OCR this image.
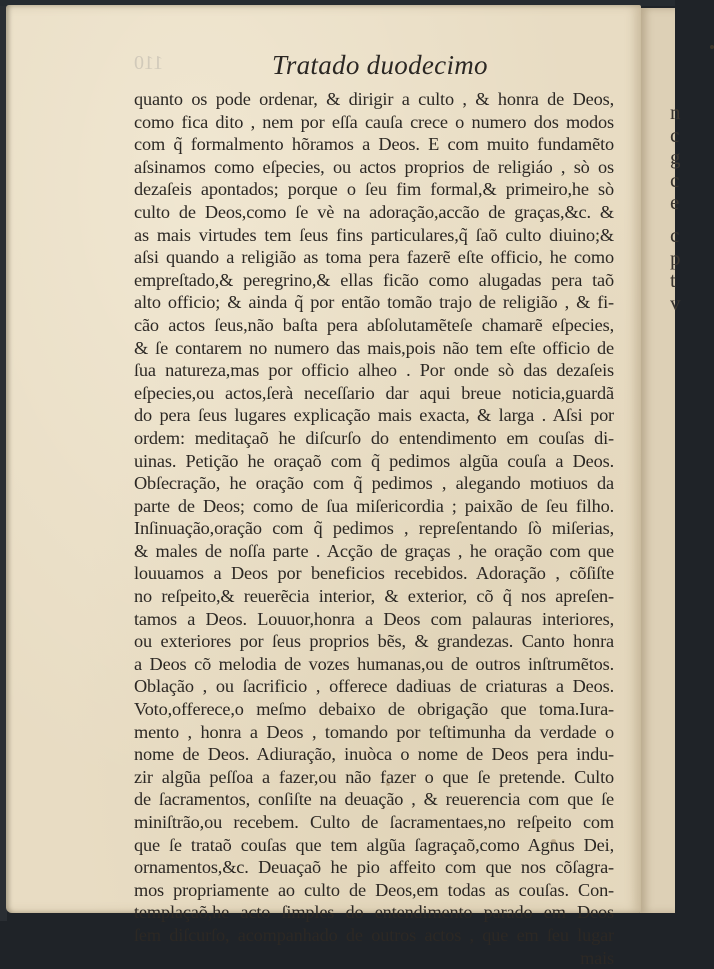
n
c
g
c
e
c
p
t
v
110	Tratado duodecimo
quanto os pode ordenar, & dirigir a culto , & honra de Deos,
como fica dito , nem por eſſa cauſa crece o numero dos modos
com q̃ formalmento hõramos a Deos. E com muito fundamẽto
aſsinamos como eſpecies, ou actos proprios de religiáo , sò os
dezaſeis apontados; porque o ſeu fim formal,& primeiro,he sò
culto de Deos,como ſe vè na adoração,accão de graças,&c. &
as mais virtudes tem ſeus fins particulares,q̃ ſaõ culto diuino;&
aſsi quando a religião as toma pera fazerẽ eſte officio, he como
empreſtado,& peregrino,& ellas ficão como alugadas pera taõ
alto officio; & ainda q̃ por então tomão trajo de religião , & fi-
cão actos ſeus,não baſta pera abſolutamẽteſe chamarẽ eſpecies,
& ſe contarem no numero das mais,pois não tem eſte officio de
ſua natureza,mas por officio alheo . Por onde sò das dezaſeis
eſpecies,ou actos,ſerà neceſſario dar aqui breue noticia,guardã
do pera ſeus lugares explicação mais exacta, & larga . Aſsi por
ordem: meditaçaõ he diſcurſo do entendimento em couſas di-
uinas. Petição he oraçaõ com q̃ pedimos algũa couſa a Deos.
Obſecração, he oração com q̃ pedimos , alegando motiuos da
parte de Deos; como de ſua miſericordia ; paixão de ſeu filho.
Inſinuação,oração com q̃ pedimos , repreſentando ſò miſerias,
& males de noſſa parte . Acção de graças , he oração com que
louuamos a Deos por beneficios recebidos. Adoração , cõſiſte
no reſpeito,& reuerẽcia interior, & exterior, cõ q̃ nos apreſen-
tamos a Deos. Louuor,honra a Deos com palauras interiores,
ou exteriores por ſeus proprios bẽs, & grandezas. Canto honra
a Deos cõ melodia de vozes humanas,ou de outros inſtrumẽtos.
Oblação , ou ſacrificio , offerece dadiuas de criaturas a Deos.
Voto,offerece,o meſmo debaixo de obrigação que toma.Iura-
mento , honra a Deos , tomando por teſtimunha da verdade o
nome de Deos. Adiuração, inuòca o nome de Deos pera indu-
zir algũa peſſoa a fazer,ou não fazer o que ſe pretende. Culto
de ſacramentos, conſiſte na deuação , & reuerencia com que ſe
miniſtrão,ou recebem. Culto de ſacramentaes,no reſpeito com
que ſe trataõ couſas que tem algũa ſagraçaõ,como Agnus Dei,
ornamentos,&c. Deuaçaõ he pio affeito com que nos cõſagra-
mos propriamente ao culto de Deos,em todas as couſas. Con-
templaçaõ,he acto ſimples do entendimento parado em Deos
ſem diſcurſo, acompanhado de outros actos , que em ſeu lugar
mais
